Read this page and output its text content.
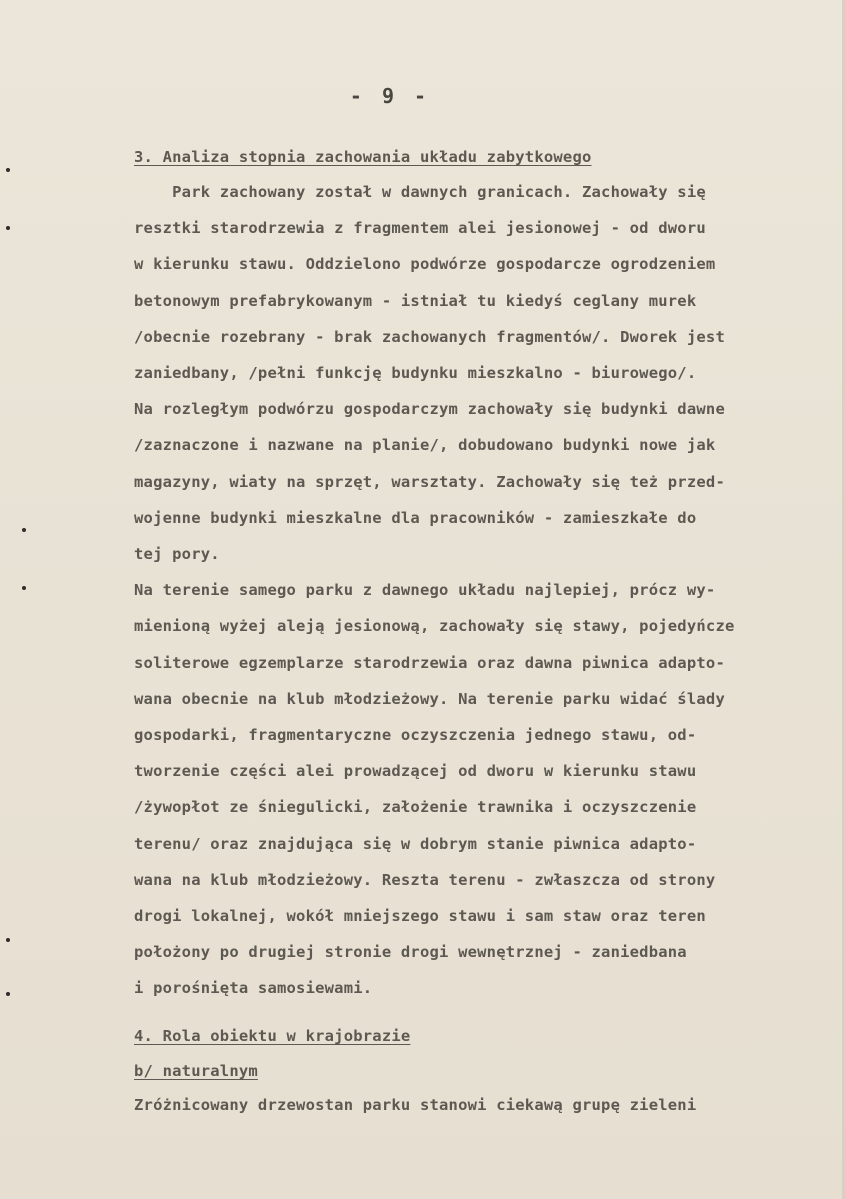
- 9 -
3. Analiza stopnia zachowania układu zabytkowego
Park zachowany został w dawnych granicach. Zachowały się
resztki starodrzewia z fragmentem alei jesionowej - od dworu
w kierunku stawu. Oddzielono podwórze gospodarcze ogrodzeniem
betonowym prefabrykowanym - istniał tu kiedyś ceglany murek
/obecnie rozebrany - brak zachowanych fragmentów/. Dworek jest
zaniedbany, /pełni funkcję budynku mieszkalno - biurowego/.
Na rozległym podwórzu gospodarczym zachowały się budynki dawne
/zaznaczone i nazwane na planie/, dobudowano budynki nowe jak
magazyny, wiaty na sprzęt, warsztaty. Zachowały się też przed-
wojenne budynki mieszkalne dla pracowników - zamieszkałe do
tej pory.
Na terenie samego parku z dawnego układu najlepiej, prócz wy-
mienioną wyżej aleją jesionową, zachowały się stawy, pojedyńcze
soliterowe egzemplarze starodrzewia oraz dawna piwnica adapto-
wana obecnie na klub młodzieżowy. Na terenie parku widać ślady
gospodarki, fragmentaryczne oczyszczenia jednego stawu, od-
tworzenie części alei prowadzącej od dworu w kierunku stawu
/żywopłot ze śniegulicki, założenie trawnika i oczyszczenie
terenu/ oraz znajdująca się w dobrym stanie piwnica adapto-
wana na klub młodzieżowy. Reszta terenu - zwłaszcza od strony
drogi lokalnej, wokół mniejszego stawu i sam staw oraz teren
położony po drugiej stronie drogi wewnętrznej - zaniedbana
i porośnięta samosiewami.
4. Rola obiektu w krajobrazie
b/ naturalnym
Zróżnicowany drzewostan parku stanowi ciekawą grupę zieleni
